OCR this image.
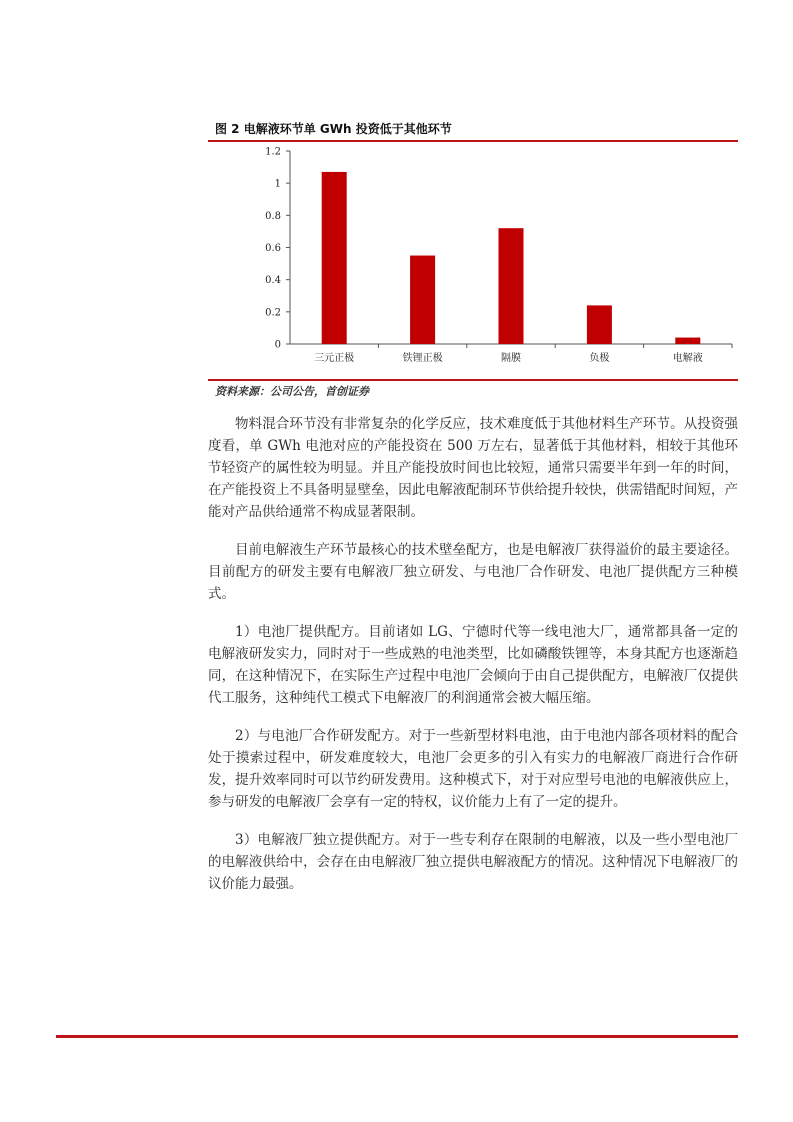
图 2 电解液环节单 GWh 投资低于其他环节
0
0.2
0.4
0.6
0.8
1
1.2
三元正极	铁锂正极	隔膜	负极	电解液
资料来源：公司公告，首创证券

物料混合环节没有非常复杂的化学反应，技术难度低于其他材料生产环节。从投资强度看，单 GWh 电池对应的产能投资在 500 万左右，显著低于其他材料，相较于其他环节轻资产的属性较为明显。并且产能投放时间也比较短，通常只需要半年到一年的时间，在产能投资上不具备明显壁垒，因此电解液配制环节供给提升较快，供需错配时间短，产能对产品供给通常不构成显著限制。

目前电解液生产环节最核心的技术壁垒配方，也是电解液厂获得溢价的最主要途径。目前配方的研发主要有电解液厂独立研发、与电池厂合作研发、电池厂提供配方三种模式。

1）电池厂提供配方。目前诸如 LG、宁德时代等一线电池大厂，通常都具备一定的电解液研发实力，同时对于一些成熟的电池类型，比如磷酸铁锂等，本身其配方也逐渐趋同，在这种情况下，在实际生产过程中电池厂会倾向于由自己提供配方，电解液厂仅提供代工服务，这种纯代工模式下电解液厂的利润通常会被大幅压缩。

2）与电池厂合作研发配方。对于一些新型材料电池，由于电池内部各项材料的配合处于摸索过程中，研发难度较大，电池厂会更多的引入有实力的电解液厂商进行合作研发，提升效率同时可以节约研发费用。这种模式下，对于对应型号电池的电解液供应上，参与研发的电解液厂会享有一定的特权，议价能力上有了一定的提升。

3）电解液厂独立提供配方。对于一些专利存在限制的电解液，以及一些小型电池厂的电解液供给中，会存在由电解液厂独立提供电解液配方的情况。这种情况下电解液厂的议价能力最强。
